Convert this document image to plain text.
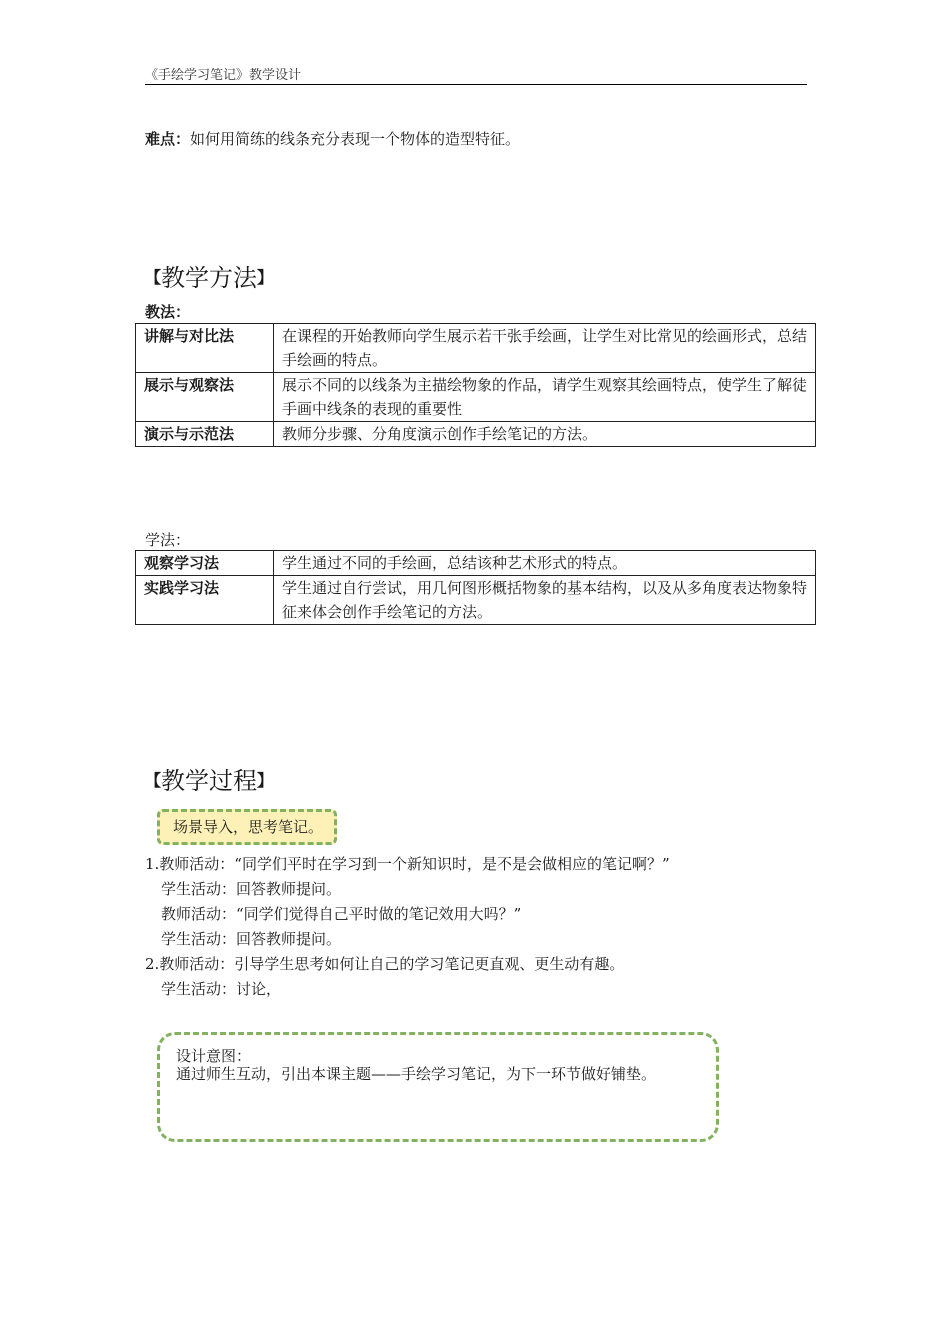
《手绘学习笔记》教学设计
难点：如何用简练的线条充分表现一个物体的造型特征。
【教学方法】
教法：
讲解与对比法	在课程的开始教师向学生展示若干张手绘画，让学生对比常见的绘画形式，总结手绘画的特点。
展示与观察法	展示不同的以线条为主描绘物象的作品，请学生观察其绘画特点，使学生了解徒手画中线条的表现的重要性
演示与示范法	教师分步骤、分角度演示创作手绘笔记的方法。
学法：
观察学习法	学生通过不同的手绘画，总结该种艺术形式的特点。
实践学习法	学生通过自行尝试，用几何图形概括物象的基本结构，以及从多角度表达物象特征来体会创作手绘笔记的方法。
【教学过程】
场景导入，思考笔记。
1.教师活动：“同学们平时在学习到一个新知识时，是不是会做相应的笔记啊？”
学生活动：回答教师提问。
教师活动：“同学们觉得自己平时做的笔记效用大吗？”
学生活动：回答教师提问。
2.教师活动：引导学生思考如何让自己的学习笔记更直观、更生动有趣。
学生活动：讨论，
设计意图：
通过师生互动，引出本课主题——手绘学习笔记，为下一环节做好铺垫。
